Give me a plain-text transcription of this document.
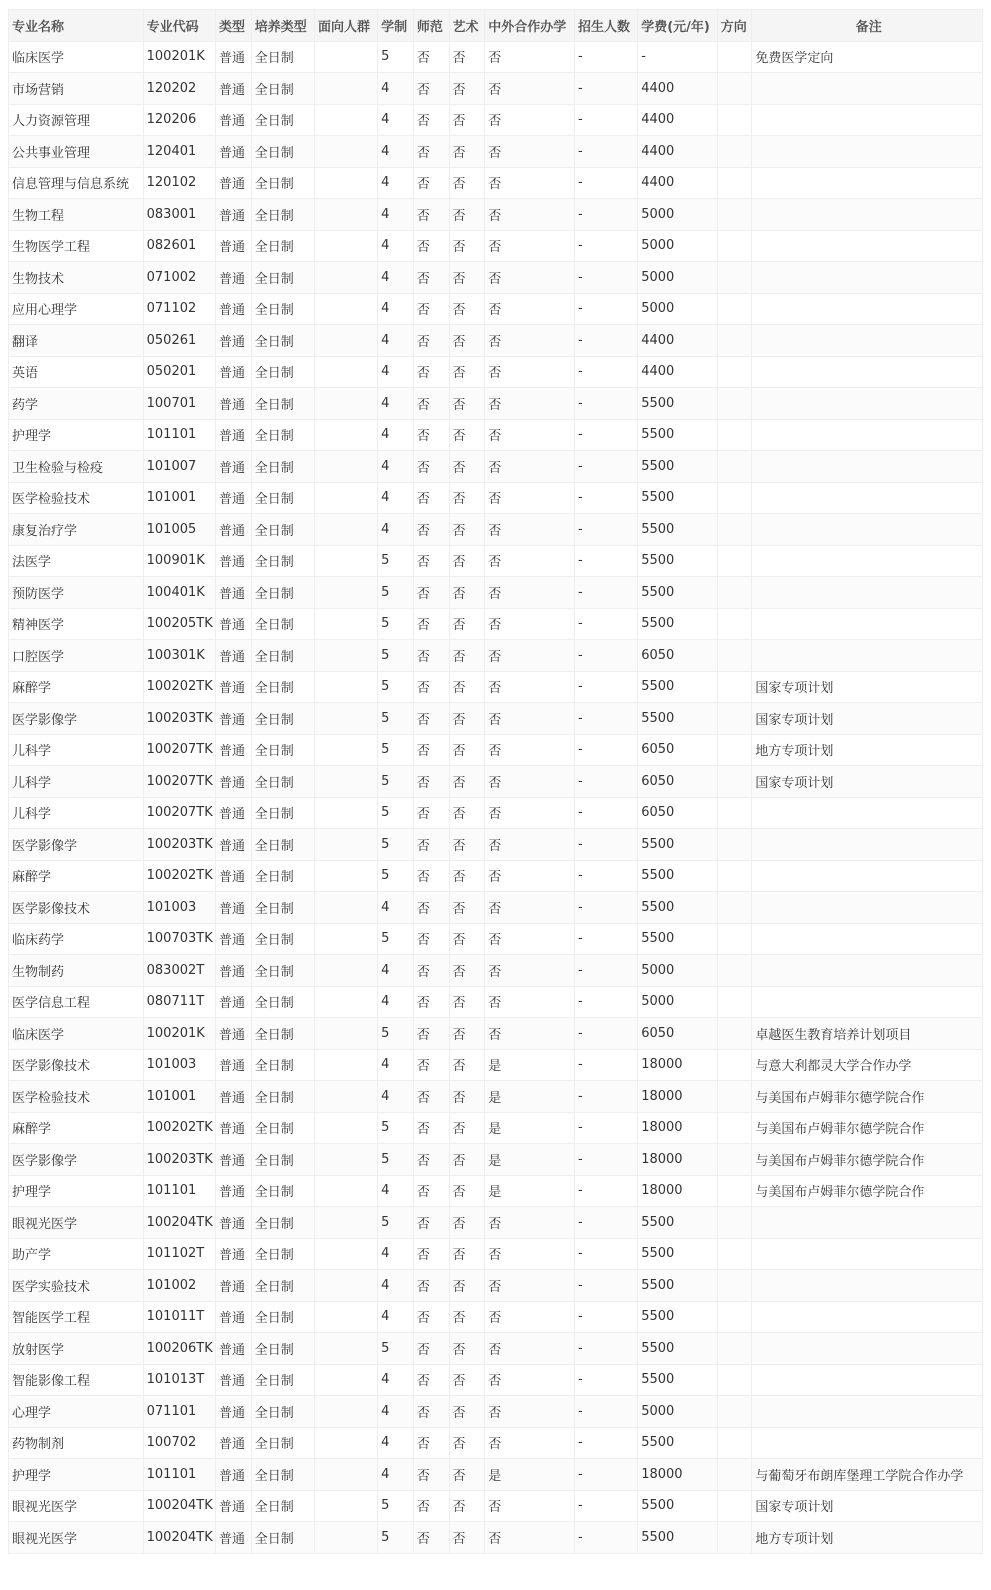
专业名称	专业代码	类型	培养类型	面向人群	学制	师范	艺术	中外合作办学	招生人数	学费(元/年)	方向	备注
临床医学	100201K	普通	全日制		5	否	否	否	-	-		免费医学定向
市场营销	120202	普通	全日制		4	否	否	否	-	4400		
人力资源管理	120206	普通	全日制		4	否	否	否	-	4400		
公共事业管理	120401	普通	全日制		4	否	否	否	-	4400		
信息管理与信息系统	120102	普通	全日制		4	否	否	否	-	4400		
生物工程	083001	普通	全日制		4	否	否	否	-	5000		
生物医学工程	082601	普通	全日制		4	否	否	否	-	5000		
生物技术	071002	普通	全日制		4	否	否	否	-	5000		
应用心理学	071102	普通	全日制		4	否	否	否	-	5000		
翻译	050261	普通	全日制		4	否	否	否	-	4400		
英语	050201	普通	全日制		4	否	否	否	-	4400		
药学	100701	普通	全日制		4	否	否	否	-	5500		
护理学	101101	普通	全日制		4	否	否	否	-	5500		
卫生检验与检疫	101007	普通	全日制		4	否	否	否	-	5500		
医学检验技术	101001	普通	全日制		4	否	否	否	-	5500		
康复治疗学	101005	普通	全日制		4	否	否	否	-	5500		
法医学	100901K	普通	全日制		5	否	否	否	-	5500		
预防医学	100401K	普通	全日制		5	否	否	否	-	5500		
精神医学	100205TK	普通	全日制		5	否	否	否	-	5500		
口腔医学	100301K	普通	全日制		5	否	否	否	-	6050		
麻醉学	100202TK	普通	全日制		5	否	否	否	-	5500		国家专项计划
医学影像学	100203TK	普通	全日制		5	否	否	否	-	5500		国家专项计划
儿科学	100207TK	普通	全日制		5	否	否	否	-	6050		地方专项计划
儿科学	100207TK	普通	全日制		5	否	否	否	-	6050		国家专项计划
儿科学	100207TK	普通	全日制		5	否	否	否	-	6050		
医学影像学	100203TK	普通	全日制		5	否	否	否	-	5500		
麻醉学	100202TK	普通	全日制		5	否	否	否	-	5500		
医学影像技术	101003	普通	全日制		4	否	否	否	-	5500		
临床药学	100703TK	普通	全日制		5	否	否	否	-	5500		
生物制药	083002T	普通	全日制		4	否	否	否	-	5000		
医学信息工程	080711T	普通	全日制		4	否	否	否	-	5000		
临床医学	100201K	普通	全日制		5	否	否	否	-	6050		卓越医生教育培养计划项目
医学影像技术	101003	普通	全日制		4	否	否	是	-	18000		与意大利都灵大学合作办学
医学检验技术	101001	普通	全日制		4	否	否	是	-	18000		与美国布卢姆菲尔德学院合作
麻醉学	100202TK	普通	全日制		5	否	否	是	-	18000		与美国布卢姆菲尔德学院合作
医学影像学	100203TK	普通	全日制		5	否	否	是	-	18000		与美国布卢姆菲尔德学院合作
护理学	101101	普通	全日制		4	否	否	是	-	18000		与美国布卢姆菲尔德学院合作
眼视光医学	100204TK	普通	全日制		5	否	否	否	-	5500		
助产学	101102T	普通	全日制		4	否	否	否	-	5500		
医学实验技术	101002	普通	全日制		4	否	否	否	-	5500		
智能医学工程	101011T	普通	全日制		4	否	否	否	-	5500		
放射医学	100206TK	普通	全日制		5	否	否	否	-	5500		
智能影像工程	101013T	普通	全日制		4	否	否	否	-	5500		
心理学	071101	普通	全日制		4	否	否	否	-	5000		
药物制剂	100702	普通	全日制		4	否	否	否	-	5500		
护理学	101101	普通	全日制		4	否	否	是	-	18000		与葡萄牙布朗库堡理工学院合作办学
眼视光医学	100204TK	普通	全日制		5	否	否	否	-	5500		国家专项计划
眼视光医学	100204TK	普通	全日制		5	否	否	否	-	5500		地方专项计划
